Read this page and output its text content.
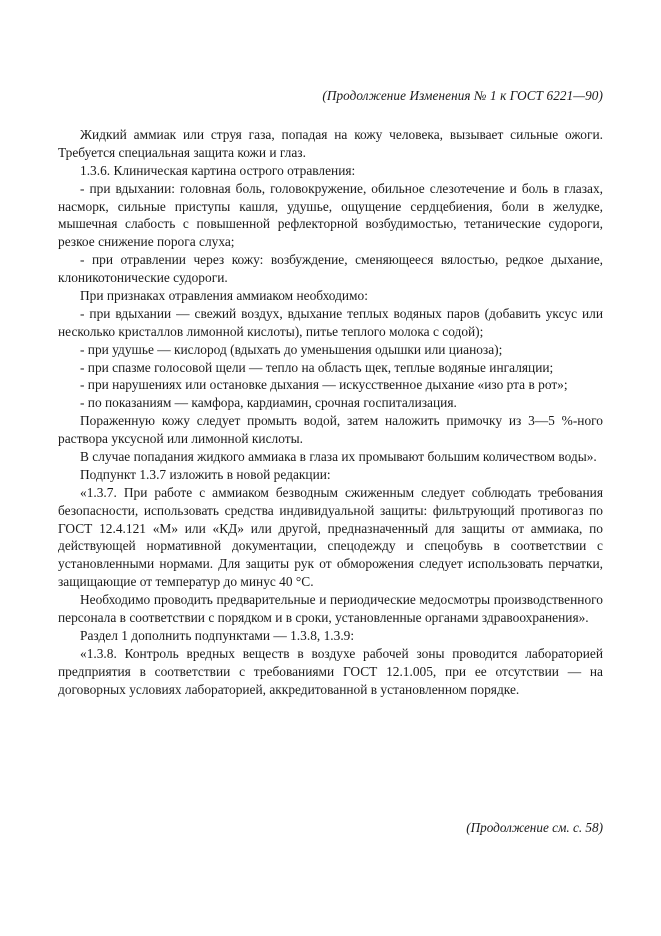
(Продолжение Изменения № 1 к ГОСТ 6221—90)

Жидкий аммиак или струя газа, попадая на кожу человека, вызывает сильные ожоги. Требуется специальная защита кожи и глаз.

1.3.6. Клиническая картина острого отравления:

- при вдыхании: головная боль, головокружение, обильное слезотечение и боль в глазах, насморк, сильные приступы кашля, удушье, ощущение сердцебиения, боли в желудке, мышечная слабость с повышенной рефлекторной возбудимостью, тетанические судороги, резкое снижение порога слуха;

- при отравлении через кожу: возбуждение, сменяющееся вялостью, редкое дыхание, клоникотонические судороги.

При признаках отравления аммиаком необходимо:

- при вдыхании — свежий воздух, вдыхание теплых водяных паров (добавить уксус или несколько кристаллов лимонной кислоты), питье теплого молока с содой);

- при удушье — кислород (вдыхать до уменьшения одышки или цианоза);

- при спазме голосовой щели — тепло на область щек, теплые водяные ингаляции;

- при нарушениях или остановке дыхания — искусственное дыхание «изо рта в рот»;

- по показаниям — камфора, кардиамин, срочная госпитализация.

Пораженную кожу следует промыть водой, затем наложить примочку из 3—5 %-ного раствора уксусной или лимонной кислоты.

В случае попадания жидкого аммиака в глаза их промывают большим количеством воды».

Подпункт 1.3.7 изложить в новой редакции:

«1.3.7. При работе с аммиаком безводным сжиженным следует соблюдать требования безопасности, использовать средства индивидуальной защиты: фильтрующий противогаз по ГОСТ 12.4.121 «М» или «КД» или другой, предназначенный для защиты от аммиака, по действующей нормативной документации, спецодежду и спецобувь в соответствии с установленными нормами. Для защиты рук от обморожения следует использовать перчатки, защищающие от температур до минус 40 °С.

Необходимо проводить предварительные и периодические медосмотры производственного персонала в соответствии с порядком и в сроки, установленные органами здравоохранения».

Раздел 1 дополнить подпунктами — 1.3.8, 1.3.9:

«1.3.8. Контроль вредных веществ в воздухе рабочей зоны проводится лабораторией предприятия в соответствии с требованиями ГОСТ 12.1.005, при ее отсутствии — на договорных условиях лабораторией, аккредитованной в установленном порядке.

(Продолжение см. с. 58)
